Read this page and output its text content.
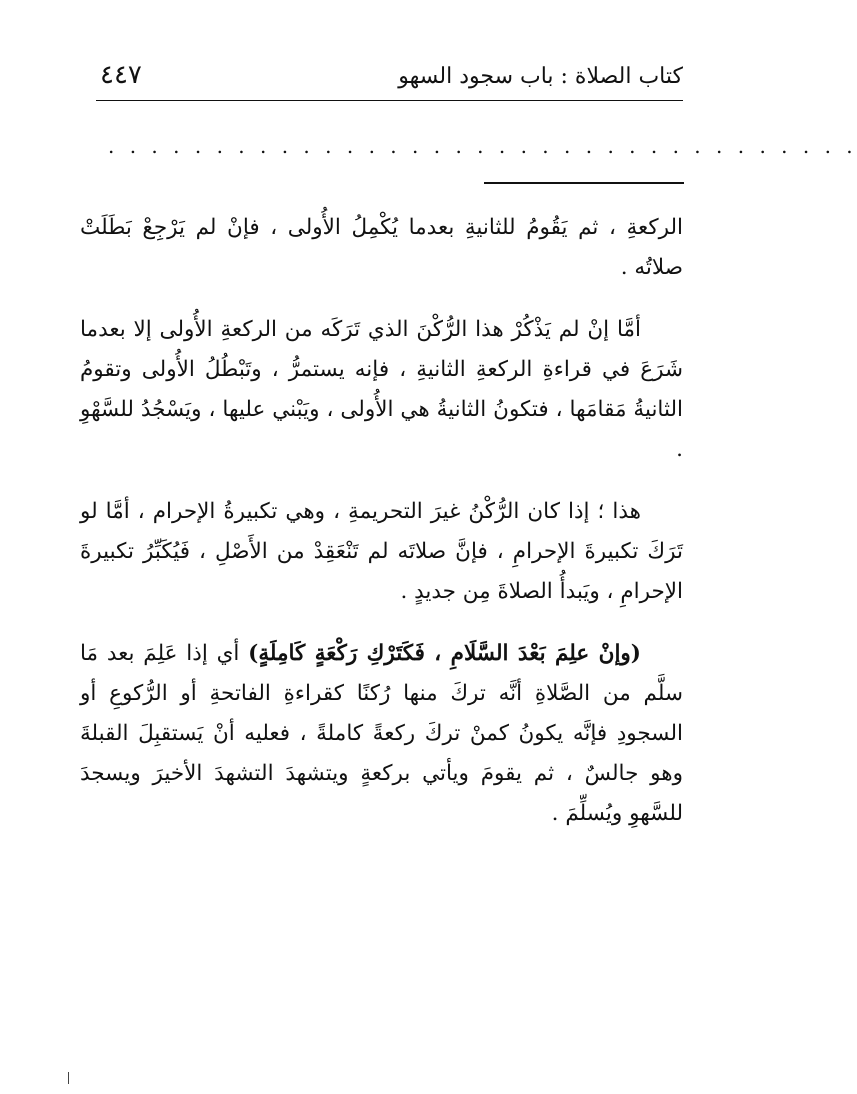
٤٤٧	كتاب الصلاة : باب سجود السهو
. . . . . . . . . . . . . . . . . . . . . . . . . . . . . . . . . . .

الركعةِ ، ثم يَقُومُ للثانيةِ بعدما يُكْمِلُ الأُولى ، فإنْ لم يَرْجِعْ بَطَلَتْ صلاتُه .

أمَّا إنْ لم يَذْكُرْ هذا الرُّكْنَ الذي تَرَكَه من الركعةِ الأُولى إلا بعدما شَرَعَ في قراءةِ الركعةِ الثانيةِ ، فإنه يستمرُّ ، وتَبْطُلُ الأُولى وتقومُ الثانيةُ مَقامَها ، فتكونُ الثانيةُ هي الأُولى ، ويَبْني عليها ، ويَسْجُدُ للسَّهْوِ .

هذا ؛ إذا كان الرُّكْنُ غيرَ التحريمةِ ، وهي تكبيرةُ الإحرام ، أمَّا لو تَرَكَ تكبيرةَ الإحرامِ ، فإنَّ صلاتَه لم تَنْعَقِدْ من الأَصْلِ ، فَيُكَبِّرُ تكبيرةَ الإحرامِ ، ويَبدأُ الصلاةَ مِن جديدٍ .

(وإنْ علِمَ بَعْدَ السَّلَامِ ، فَكَتَرْكِ رَكْعَةٍ كَامِلَةٍ) أي إذا عَلِمَ بعد مَا سلَّم من الصَّلاةِ أنَّه تركَ منها رُكنًا كقراءةِ الفاتحةِ أو الرُّكوعِ أو السجودِ فإنَّه يكونُ كمنْ تركَ ركعةً كاملةً ، فعليه أنْ يَستقبِلَ القبلةَ وهو جالسٌ ، ثم يقومَ ويأتي بركعةٍ ويتشهدَ التشهدَ الأخيرَ ويسجدَ للسَّهوِ ويُسلِّمَ .
